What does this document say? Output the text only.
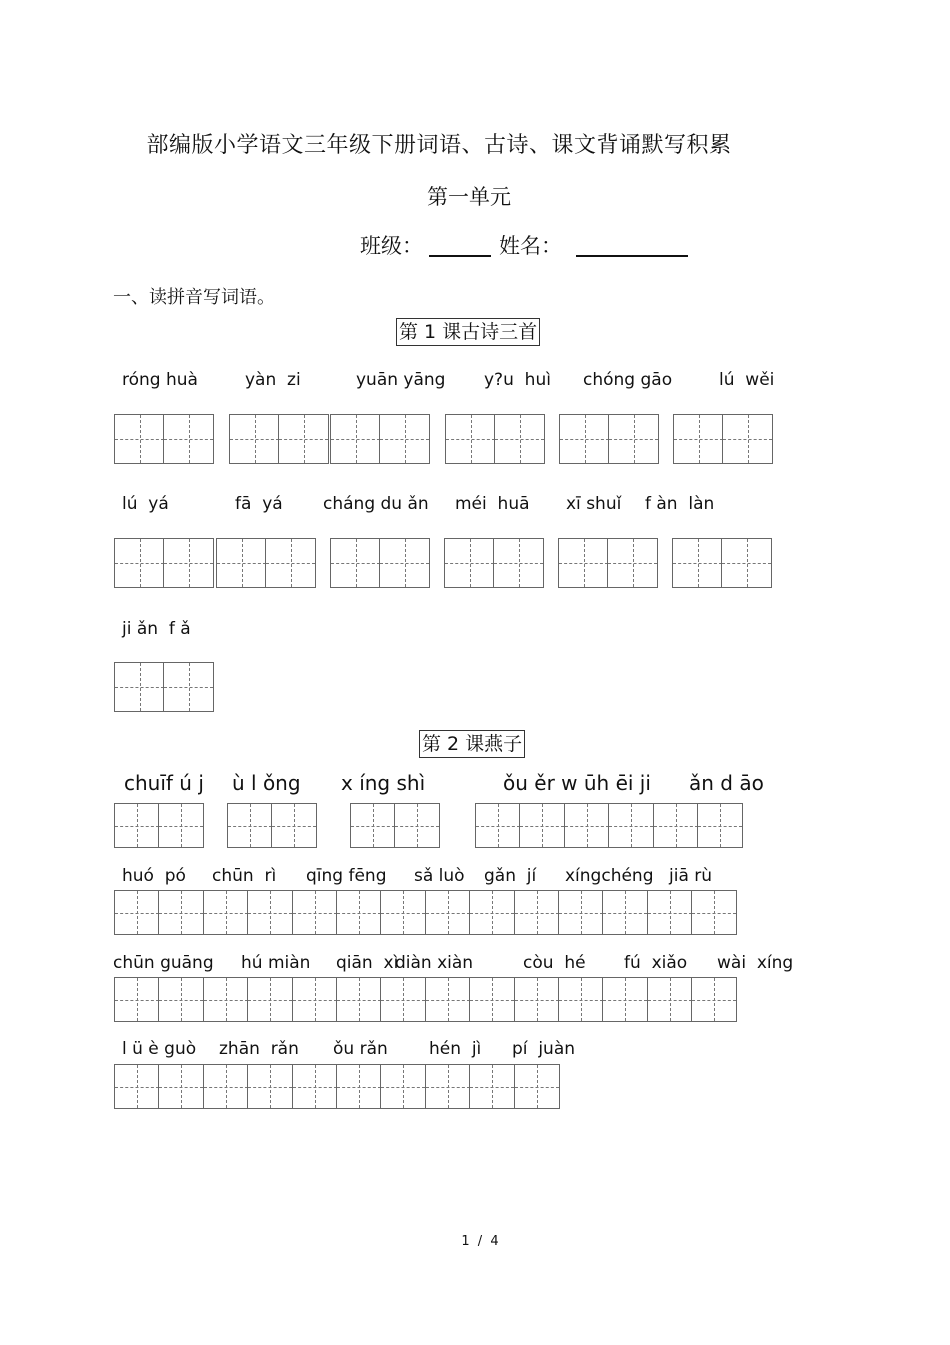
部编版小学语文三年级下册词语、古诗、课文背诵默写积累
第一单元
班级：	姓名：
一、读拼音写词语。
第 1 课古诗三首
róng huà	yàn  zi	yuān yāng y?u  huì chóng gāo	lú  wěi
lú  yá	fā  yá cháng du ǎn méi  huā xī shuǐ f àn  làn
ji ǎn  f ǎ
第 2 课燕子
chuīf ú j ù l ǒng x íng shì	ǒu ěr w ūh ēi ji ǎn d āo
huó  pó chūn  rì qīng fēng sǎ luò gǎn  jí xíngchéng jiā rù
chūn guāng hú miàn qiān  xì
diàn xiàn	còu  hé fú  xiǎo wài  xíng
l ü è guò zhān  rǎn ǒu rǎn hén  jì pí  juàn
1 / 4
